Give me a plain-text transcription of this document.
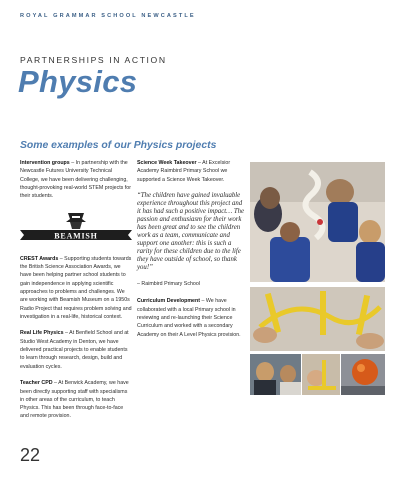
ROYAL GRAMMAR SCHOOL NEWCASTLE
PARTNERSHIPS IN ACTION
Physics
Some examples of our Physics projects
Intervention groups – In partnership with the Newcastle Futures University Technical College, we have been delivering challenging, thought-provoking real-world STEM projects for their students.
BEAMISH
CREST Awards – Supporting students towards the British Science Association Awards, we have been helping partner school students to gain independence in applying scientific approaches to problems and challenges. We are working with Beamish Museum on a 1950s Radio Project that requires problem solving and investigation in a real-life, historical context.
Real Life Physics – At Benfield School and at Studio West Academy in Denton, we have delivered practical projects to enable students to learn through research, design, build and evaluation cycles.
Teacher CPD – At Berwick Academy, we have been directly supporting staff with specialisms in other areas of the curriculum, to teach Physics. This has been through face-to-face and remote provision.
Science Week Takeover – At Excelsior Academy Raimbird Primary School we supported a Science Week Takeover.
“The children have gained invaluable experience throughout this project and it has had such a positive impact… The passion and enthusiasm for their work has been great and to see the children work as a team, communicate and support one another: this is such a rarity for these children due to the life they have outside of school, so thank you!”
– Raimbird Primary School
Curriculum Development – We have collaborated with a local Primary school in reviewing and re-launching their Science Curriculum and worked with a secondary Academy on their A Level Physics provision.
22
